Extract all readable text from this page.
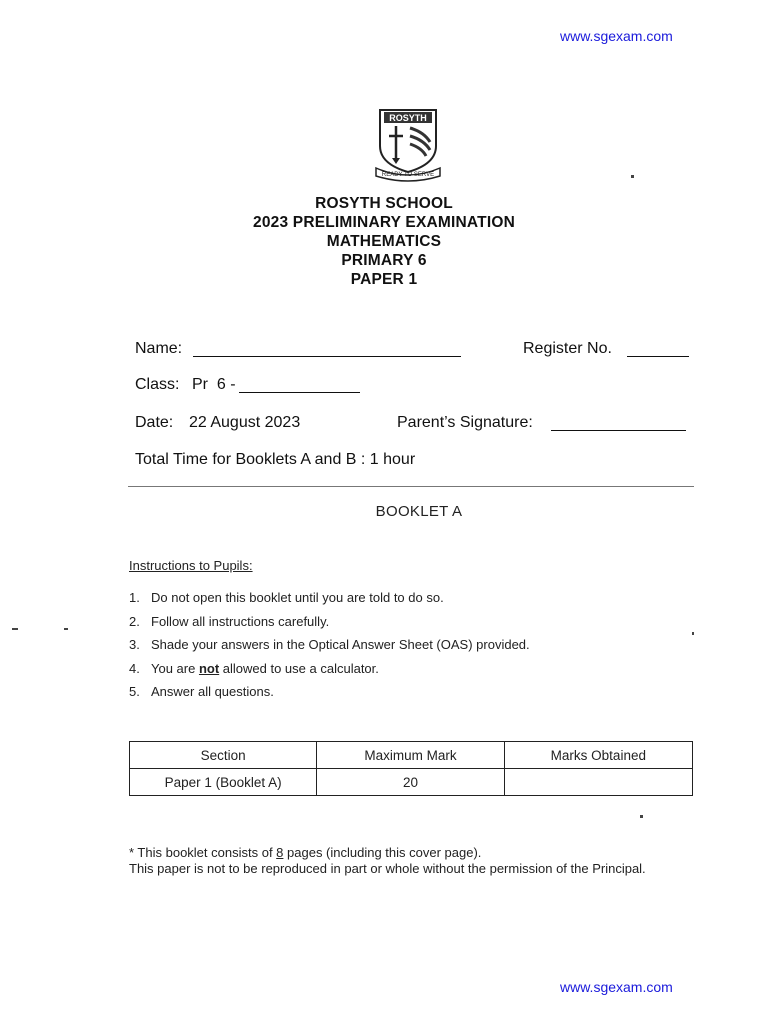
www.sgexam.com
ROSYTH
READY TO SERVE
ROSYTH SCHOOL
2023 PRELIMINARY EXAMINATION
MATHEMATICS
PRIMARY 6
PAPER 1
Name:	Register No.
Class: Pr  6 -
Date: 22 August 2023	Parent’s Signature:
Total Time for Booklets A and B : 1 hour
BOOKLET A
Instructions to Pupils:
1. Do not open this booklet until you are told to do so.
2. Follow all instructions carefully.
3. Shade your answers in the Optical Answer Sheet (OAS) provided.
4. You are not allowed to use a calculator.
5. Answer all questions.
Section	Maximum Mark	Marks Obtained
Paper 1 (Booklet A)	20	
* This booklet consists of 8 pages (including this cover page).
This paper is not to be reproduced in part or whole without the permission of the Principal.
www.sgexam.com
